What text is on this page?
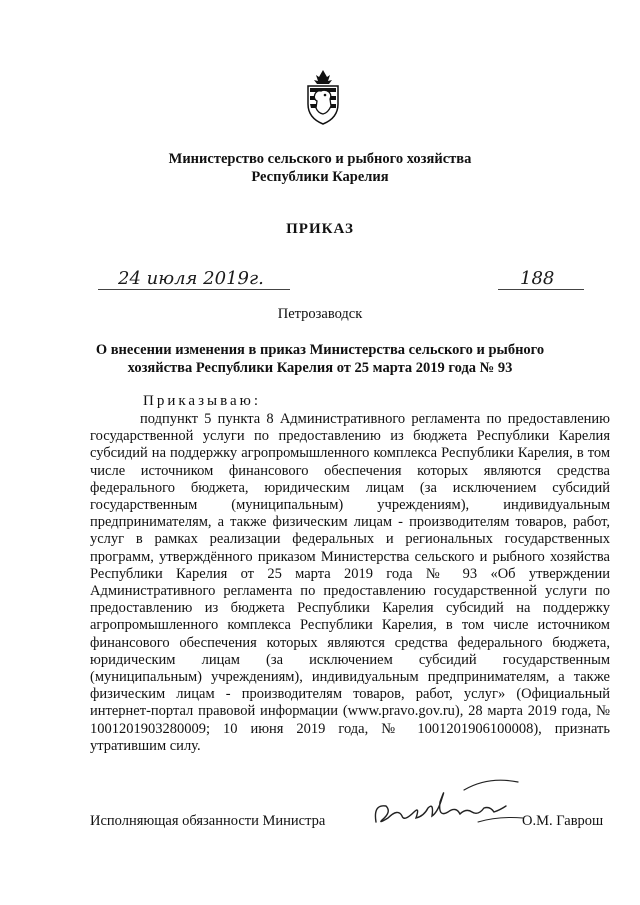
Министерство сельского и рыбного хозяйства
Республики Карелия
ПРИКАЗ
24 июля 2019г.	188
Петрозаводск
О внесении изменения в приказ Министерства сельского и рыбного
хозяйства Республики Карелия от 25 марта 2019 года № 93
Приказываю:

подпункт 5 пункта 8 Административного регламента по предоставлению государственной услуги по предоставлению из бюджета Республики Карелия субсидий на поддержку агропромышленного комплекса Республики Карелия, в том числе источником финансового обеспечения которых являются средства федерального бюджета, юридическим лицам (за исключением субсидий государственным (муниципальным) учреждениям), индивидуальным предпринимателям, а также физическим лицам - производителям товаров, работ, услуг в рамках реализации федеральных и региональных государственных программ, утверждённого приказом Министерства сельского и рыбного хозяйства Республики Карелия от 25 марта 2019 года № 93 «Об утверждении Административного регламента по предоставлению государственной услуги по предоставлению из бюджета Республики Карелия субсидий на поддержку агропромышленного комплекса Республики Карелия, в том числе источником финансового обеспечения которых являются средства федерального бюджета, юридическим лицам (за исключением субсидий государственным (муниципальным) учреждениям), индивидуальным предпринимателям, а также физическим лицам - производителям товаров, работ, услуг» (Официальный интернет-портал правовой информации (www.pravo.gov.ru), 28 марта 2019 года, № 1001201903280009; 10 июня 2019 года, № 1001201906100008), признать утратившим силу.

Исполняющая обязанности Министра	О.М. Гаврош
